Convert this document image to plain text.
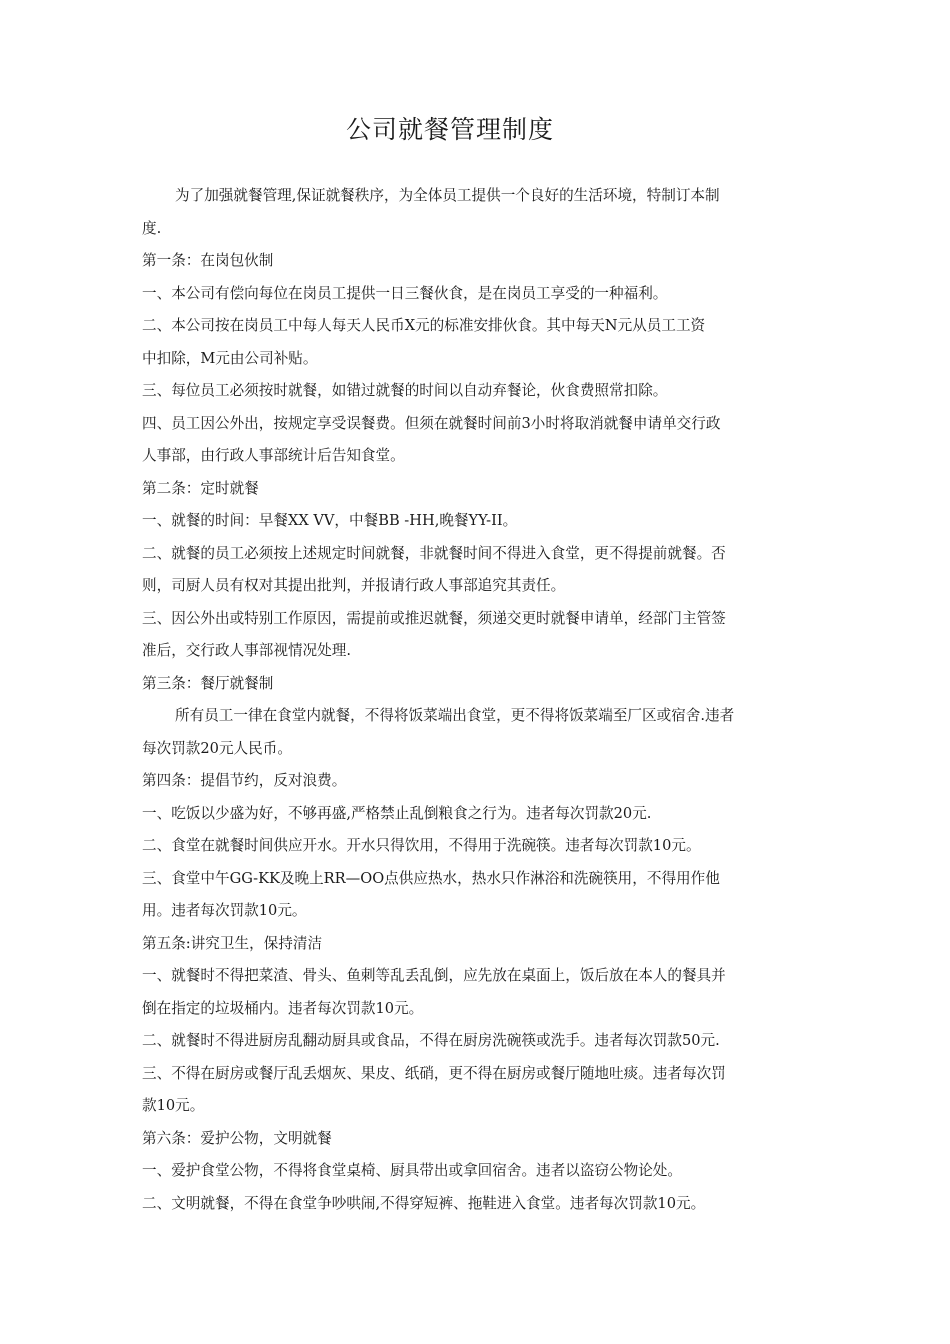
公司就餐管理制度
为了加强就餐管理,保证就餐秩序，为全体员工提供一个良好的生活环境，特制订本制
度.
第一条：在岗包伙制
一、本公司有偿向每位在岗员工提供一日三餐伙食，是在岗员工享受的一种福利。
二、本公司按在岗员工中每人每天人民币X元的标准安排伙食。其中每天N元从员工工资
中扣除，M元由公司补贴。
三、每位员工必须按时就餐，如错过就餐的时间以自动弃餐论，伙食费照常扣除。
四、员工因公外出，按规定享受误餐费。但须在就餐时间前3小时将取消就餐申请单交行政
人事部，由行政人事部统计后告知食堂。
第二条：定时就餐
一、就餐的时间：早餐XX VV，中餐BB -HH,晚餐YY-II。
二、就餐的员工必须按上述规定时间就餐，非就餐时间不得进入食堂，更不得提前就餐。否
则，司厨人员有权对其提出批判，并报请行政人事部追究其责任。
三、因公外出或特别工作原因，需提前或推迟就餐，须递交更时就餐申请单，经部门主管签
准后，交行政人事部视情况处理.
第三条：餐厅就餐制
所有员工一律在食堂内就餐，不得将饭菜端出食堂，更不得将饭菜端至厂区或宿舍.违者
每次罚款20元人民币。
第四条：提倡节约，反对浪费。
一、吃饭以少盛为好，不够再盛,严格禁止乱倒粮食之行为。违者每次罚款20元.
二、食堂在就餐时间供应开水。开水只得饮用，不得用于洗碗筷。违者每次罚款10元。
三、食堂中午GG-KK及晚上RR—OO点供应热水，热水只作淋浴和洗碗筷用，不得用作他
用。违者每次罚款10元。
第五条:讲究卫生，保持清洁
一、就餐时不得把菜渣、骨头、鱼刺等乱丢乱倒，应先放在桌面上，饭后放在本人的餐具并
倒在指定的垃圾桶内。违者每次罚款10元。
二、就餐时不得进厨房乱翻动厨具或食品，不得在厨房洗碗筷或洗手。违者每次罚款50元.
三、不得在厨房或餐厅乱丢烟灰、果皮、纸硝，更不得在厨房或餐厅随地吐痰。违者每次罚
款10元。
第六条：爱护公物，文明就餐
一、爱护食堂公物，不得将食堂桌椅、厨具带出或拿回宿舍。违者以盗窃公物论处。
二、文明就餐，不得在食堂争吵哄闹,不得穿短裤、拖鞋进入食堂。违者每次罚款10元。
